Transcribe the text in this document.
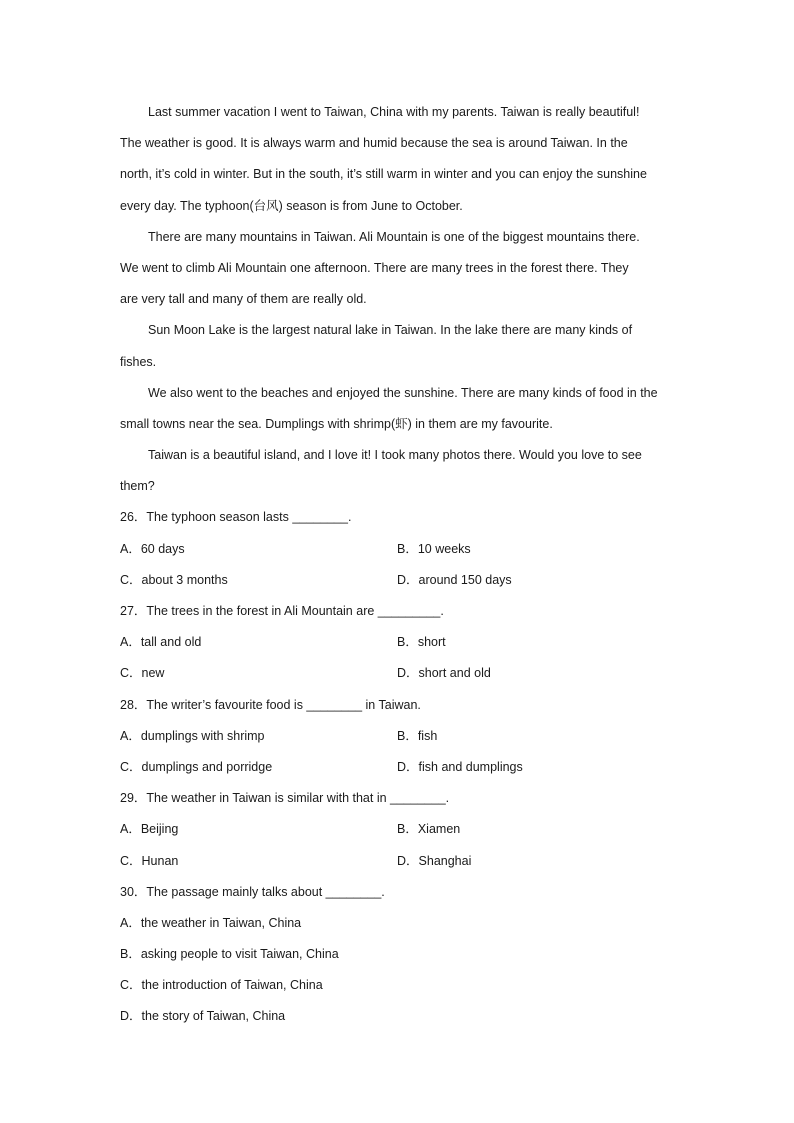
Last summer vacation I went to Taiwan, China with my parents. Taiwan is really beautiful!

The weather is good. It is always warm and humid because the sea is around Taiwan. In the

north, it’s cold in winter. But in the south, it’s still warm in winter and you can enjoy the sunshine

every day. The typhoon(台风) season is from June to October.

There are many mountains in Taiwan. Ali Mountain is one of the biggest mountains there.

We went to climb Ali Mountain one afternoon. There are many trees in the forest there. They

are very tall and many of them are really old.

Sun Moon Lake is the largest natural lake in Taiwan. In the lake there are many kinds of

fishes.

We also went to the beaches and enjoyed the sunshine. There are many kinds of food in the

small towns near the sea. Dumplings with shrimp(虾) in them are my favourite.

Taiwan is a beautiful island, and I love it! I took many photos there. Would you love to see

them?

26．The typhoon season lasts ________.

A．60 days	B．10 weeks
C．about 3 months	D．around 150 days

27．The trees in the forest in Ali Mountain are _________.

A．tall and old	B．short
C．new	D．short and old

28．The writer’s favourite food is ________ in Taiwan.

A．dumplings with shrimp	B．fish
C．dumplings and porridge	D．fish and dumplings

29．The weather in Taiwan is similar with that in ________.

A．Beijing	B．Xiamen
C．Hunan	D．Shanghai

30．The passage mainly talks about ________.

A．the weather in Taiwan, China

B．asking people to visit Taiwan, China

C．the introduction of Taiwan, China

D．the story of Taiwan, China
